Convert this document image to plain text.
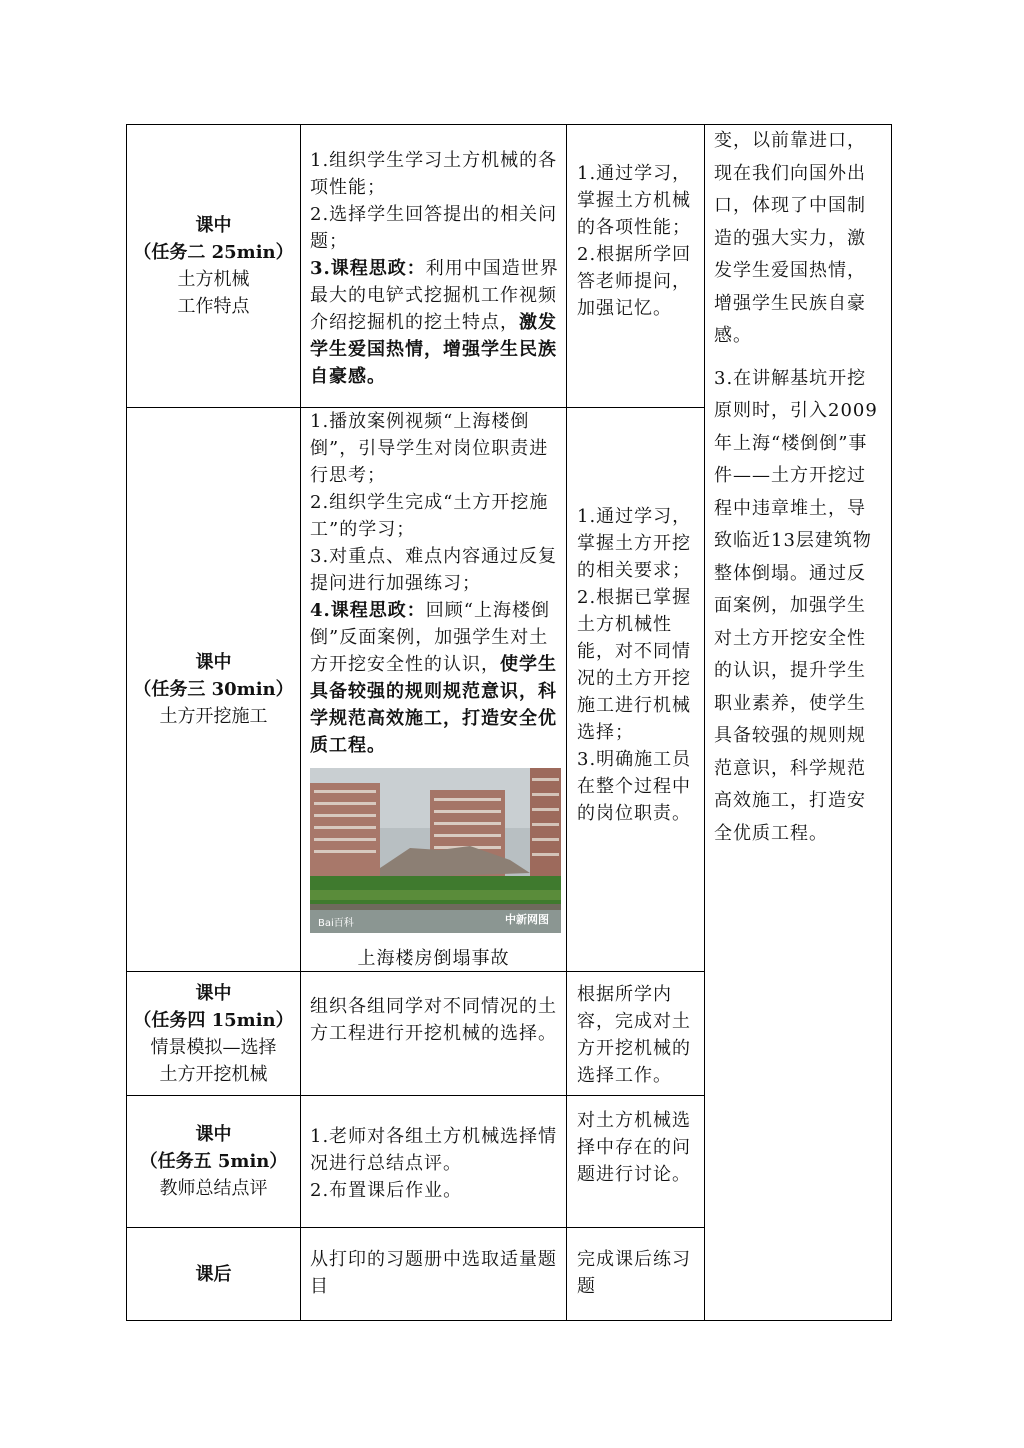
课中
（任务二 25min）
土方机械
工作特点

1.组织学生学习土方机械的各项性能；

2.选择学生回答提出的相关问题；

3.课程思政：利用中国造世界最大的电铲式挖掘机工作视频介绍挖掘机的挖土特点，激发学生爱国热情，增强学生民族自豪感。

1.通过学习，掌握土方机械的各项性能；

2.根据所学回答老师提问，加强记忆。

课中
（任务三 30min）
土方开挖施工

1.播放案例视频“上海楼倒倒”，引导学生对岗位职责进行思考；

2.组织学生完成“土方开挖施工”的学习；

3.对重点、难点内容通过反复提问进行加强练习；

4.课程思政：回顾“上海楼倒倒”反面案例，加强学生对土方开挖安全性的认识，使学生具备较强的规则规范意识，科学规范高效施工，打造安全优质工程。

Bai百科	中新网图
上海楼房倒塌事故

1.通过学习，掌握土方开挖的相关要求；

2.根据已掌握土方机械性能，对不同情况的土方开挖施工进行机械选择；

3.明确施工员在整个过程中的岗位职责。

课中
（任务四 15min）
情景模拟—选择
土方开挖机械

组织各组同学对不同情况的土方工程进行开挖机械的选择。

根据所学内容，完成对土方开挖机械的选择工作。

课中
（任务五 5min）
教师总结点评

1.老师对各组土方机械选择情况进行总结点评。

2.布置课后作业。

对土方机械选择中存在的问题进行讨论。

课后

从打印的习题册中选取适量题目

完成课后练习题

变，以前靠进口，现在我们向国外出口，体现了中国制造的强大实力，激发学生爱国热情，增强学生民族自豪感。

3.在讲解基坑开挖原则时，引入2009年上海“楼倒倒”事件——土方开挖过程中违章堆土，导致临近13层建筑物整体倒塌。通过反面案例，加强学生对土方开挖安全性的认识，提升学生职业素养，使学生具备较强的规则规范意识，科学规范高效施工，打造安全优质工程。
